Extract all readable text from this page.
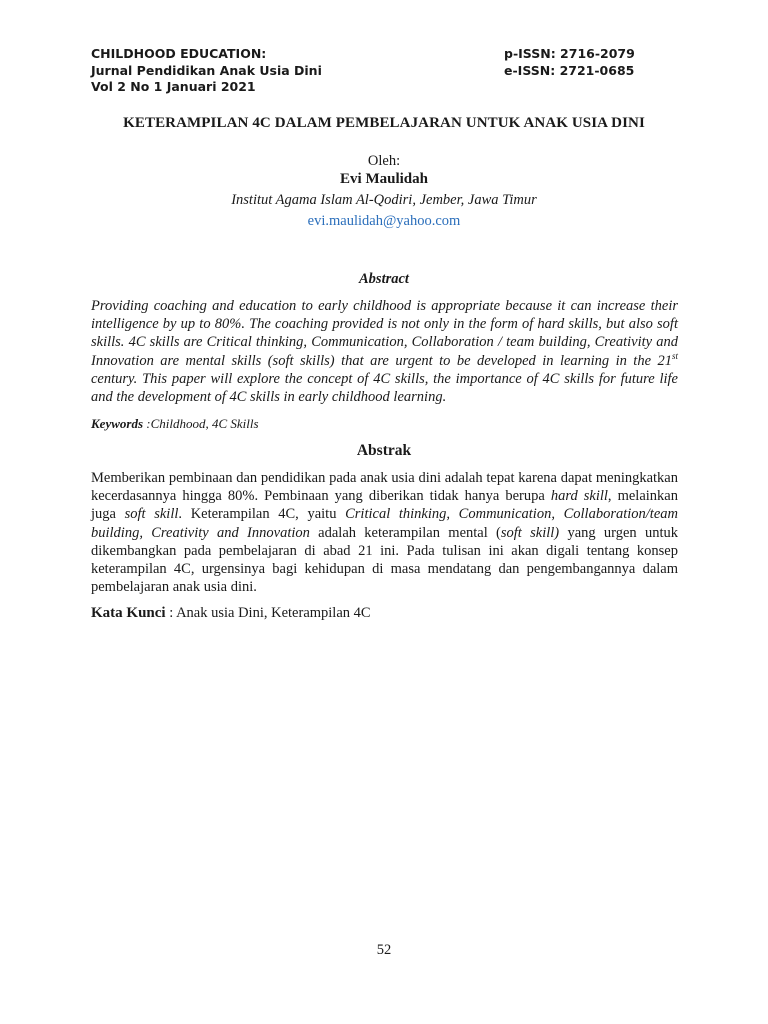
CHILDHOOD EDUCATION:
Jurnal Pendidikan Anak Usia Dini
Vol 2 No 1 Januari 2021
p-ISSN: 2716-2079
e-ISSN: 2721-0685
KETERAMPILAN 4C DALAM PEMBELAJARAN UNTUK ANAK USIA DINI
Oleh:
Evi Maulidah
Institut Agama Islam Al-Qodiri, Jember, Jawa Timur
evi.maulidah@yahoo.com
Abstract
Providing coaching and education to early childhood is appropriate because it can increase their intelligence by up to 80%. The coaching provided is not only in the form of hard skills, but also soft skills. 4C skills are Critical thinking, Communication, Collaboration / team building, Creativity and Innovation are mental skills (soft skills) that are urgent to be developed in learning in the 21st century. This paper will explore the concept of 4C skills, the importance of 4C skills for future life and the development of 4C skills in early childhood learning.
Keywords :Childhood, 4C Skills
Abstrak
Memberikan pembinaan dan pendidikan pada anak usia dini adalah tepat karena dapat meningkatkan kecerdasannya hingga 80%. Pembinaan yang diberikan tidak hanya berupa hard skill, melainkan juga soft skill. Keterampilan 4C, yaitu Critical thinking, Communication, Collaboration/team building, Creativity and Innovation adalah keterampilan mental (soft skill) yang urgen untuk dikembangkan pada pembelajaran di abad 21 ini. Pada tulisan ini akan digali tentang konsep keterampilan 4C, urgensinya bagi kehidupan di masa mendatang dan pengembangannya dalam pembelajaran anak usia dini.
Kata Kunci : Anak usia Dini, Keterampilan 4C
52
